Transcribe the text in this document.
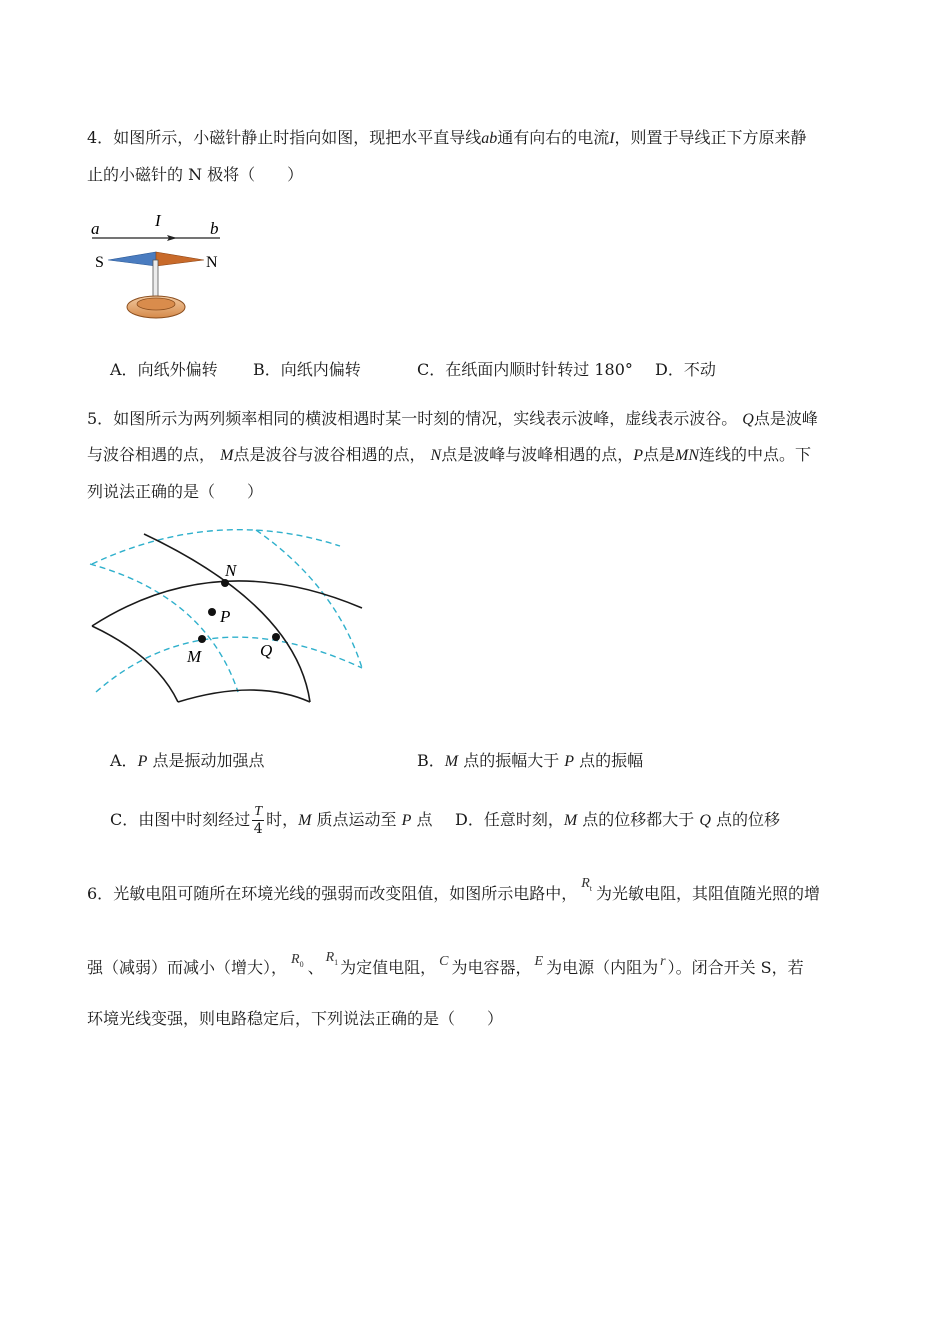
4．如图所示，小磁针静止时指向如图，现把水平直导线ab通有向右的电流I，则置于导线正下方原来静
止的小磁针的 N 极将（　　）
a	I	b
S	N
A．向纸外偏转 B．向纸内偏转	C．在纸面内顺时针转过 180° D．不动
5．如图所示为两列频率相同的横波相遇时某一时刻的情况，实线表示波峰，虚线表示波谷。 Q点是波峰
与波谷相遇的点， M点是波谷与波谷相遇的点， N点是波峰与波峰相遇的点，P点是MN连线的中点。下
列说法正确的是（　　）
N
P
M	Q
A．P 点是振动加强点	B．M 点的振幅大于 P 点的振幅
C．由图中时刻经过 $\frac{T}{4}$ 时，M 质点运动至 P 点 D．任意时刻，M 点的位移都大于 Q 点的位移
6．光敏电阻可随所在环境光线的强弱而改变阻值，如图所示电路中，$R_t$ 为光敏电阻，其阻值随光照的增
强（减弱）而减小（增大）， $R_0$ 、$R_1$ 为定值电阻， C 为电容器， E 为电源（内阻为 r ）。闭合开关 S，若
环境光线变强，则电路稳定后，下列说法正确的是（　　）
